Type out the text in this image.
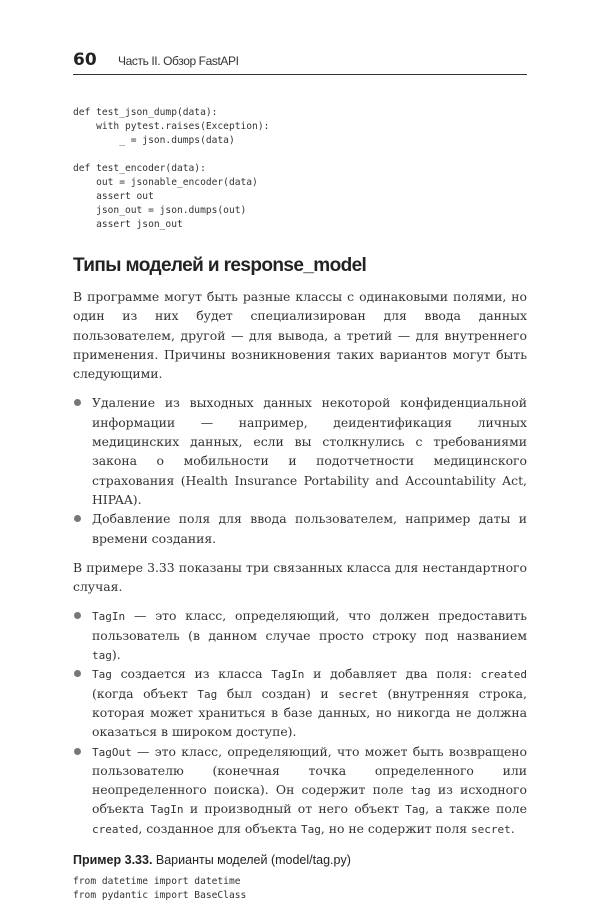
60 Часть II. Обзор FastAPI
def test_json_dump(data):
with pytest.raises(Exception):
_ = json.dumps(data)

def test_encoder(data):
out = jsonable_encoder(data)
assert out
json_out = json.dumps(out)
assert json_out
Типы моделей и response_model

В программе могут быть разные классы с одинаковыми полями, но один из них будет специализирован для ввода данных пользователем, другой — для вывода, а третий — для внутреннего применения. Причины возникновения таких вариантов могут быть следующими.

Удаление из выходных данных некоторой конфиденциальной информации — например, деидентификация личных медицинских данных, если вы столкнулись с требованиями закона о мобильности и подотчетности медицинского страхования (Health Insurance Portability and Accountability Act, HIPAA).
Добавление поля для ввода пользователем, например даты и времени создания.

В примере 3.33 показаны три связанных класса для нестандартного случая.

TagIn — это класс, определяющий, что должен предоставить пользователь (в данном случае просто строку под названием tag).
Tag создается из класса TagIn и добавляет два поля: created (когда объект Tag был создан) и secret (внутренняя строка, которая может храниться в базе данных, но никогда не должна оказаться в широком доступе).
TagOut — это класс, определяющий, что может быть возвращено пользователю (конечная точка определенного или неопределенного поиска). Он содержит поле tag из исходного объекта TagIn и производный от него объект Tag, а также поле created, созданное для объекта Tag, но не содержит поля secret.
Пример 3.33. Варианты моделей (model/tag.py)
from datetime import datetime
from pydantic import BaseClass
